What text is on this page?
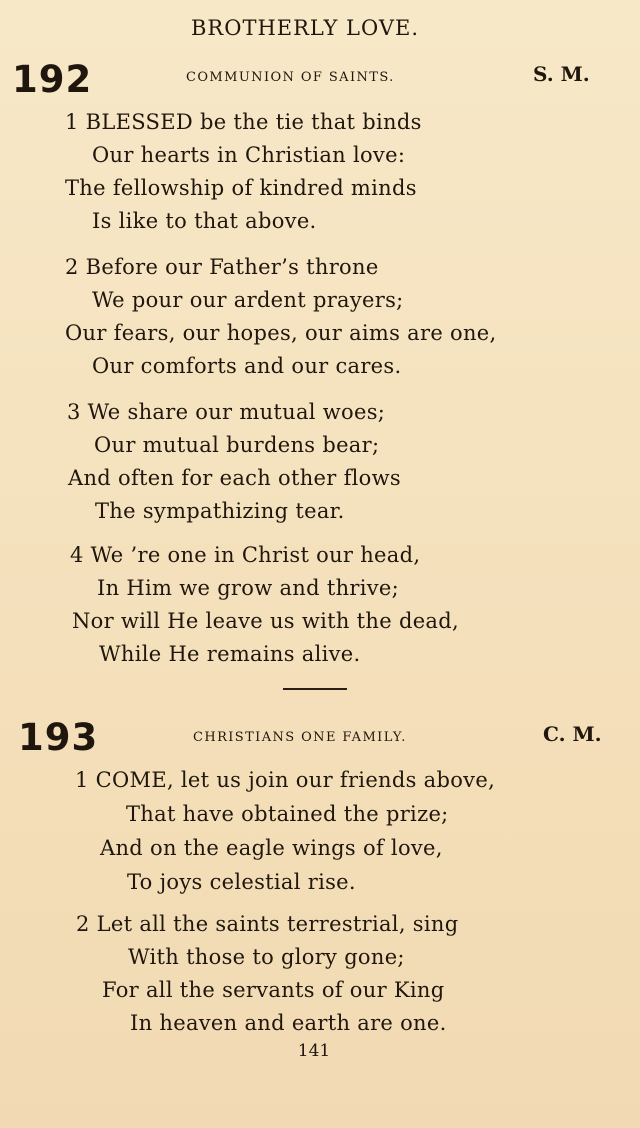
BROTHERLY LOVE.
192	COMMUNION OF SAINTS.	S. M.
1 BLESSED be the tie that binds
Our hearts in Christian love:
The fellowship of kindred minds
Is like to that above.
2 Before our Father’s throne
We pour our ardent prayers;
Our fears, our hopes, our aims are one,
Our comforts and our cares.
3 We share our mutual woes;
Our mutual burdens bear;
And often for each other flows
The sympathizing tear.
4 We ’re one in Christ our head,
In Him we grow and thrive;
Nor will He leave us with the dead,
While He remains alive.
193	CHRISTIANS ONE FAMILY.	C. M.
1 COME, let us join our friends above,
That have obtained the prize;
And on the eagle wings of love,
To joys celestial rise.
2 Let all the saints terrestrial, sing
With those to glory gone;
For all the servants of our King
In heaven and earth are one.
141
